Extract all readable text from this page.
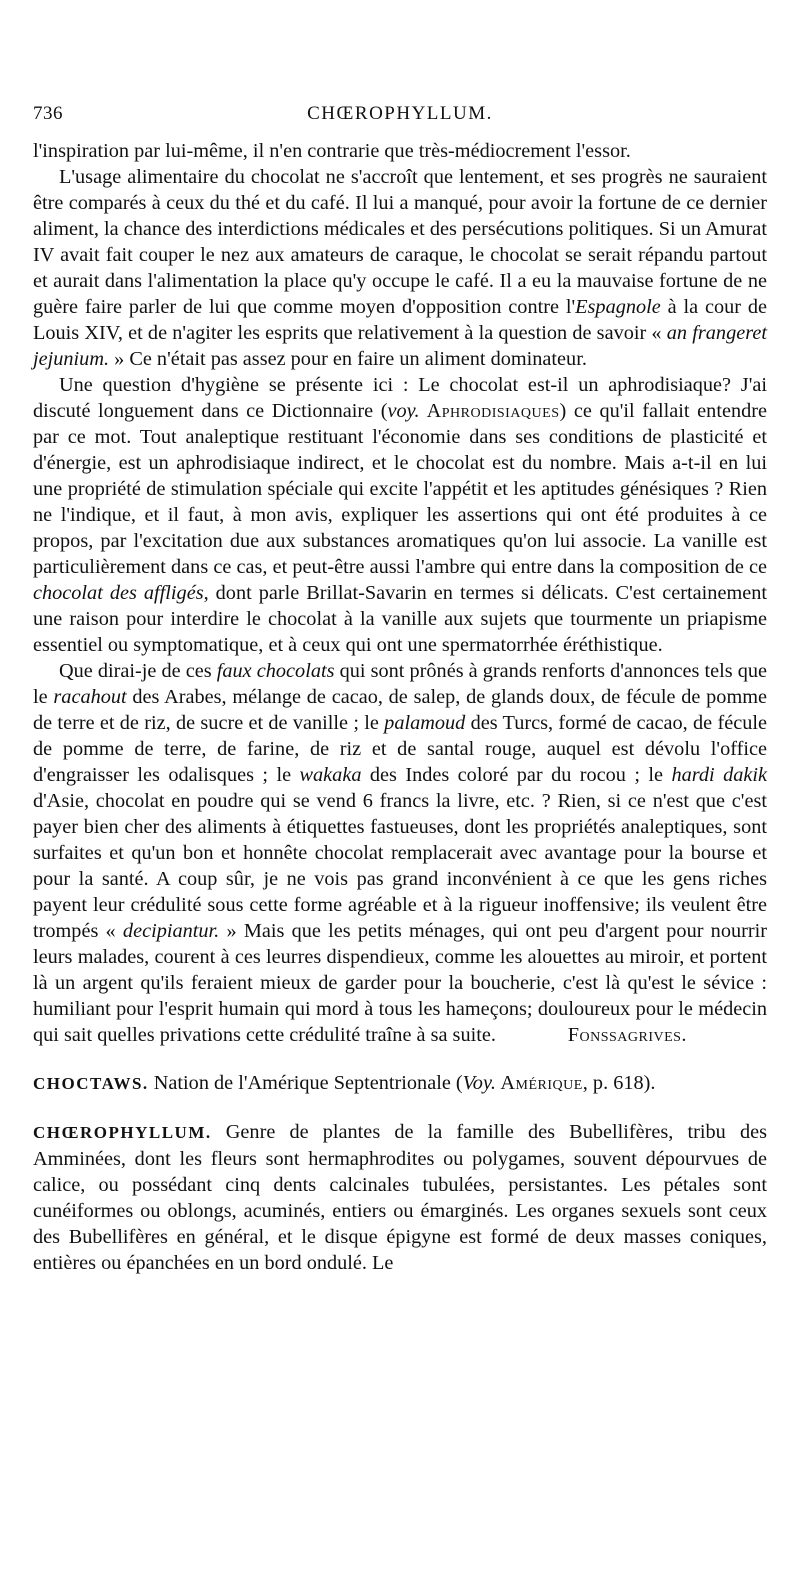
736	CHŒROPHYLLUM.

l'inspiration par lui-même, il n'en contrarie que très-médiocrement l'essor.

L'usage alimentaire du chocolat ne s'accroît que lentement, et ses progrès ne sauraient être comparés à ceux du thé et du café. Il lui a manqué, pour avoir la fortune de ce dernier aliment, la chance des interdictions médicales et des persécutions politiques. Si un Amurat IV avait fait couper le nez aux amateurs de caraque, le chocolat se serait répandu partout et aurait dans l'alimentation la place qu'y occupe le café. Il a eu la mauvaise fortune de ne guère faire parler de lui que comme moyen d'opposition contre l'Espagnole à la cour de Louis XIV, et de n'agiter les esprits que relativement à la question de savoir « an frangeret jejunium. » Ce n'était pas assez pour en faire un aliment dominateur.

Une question d'hygiène se présente ici : Le chocolat est-il un aphrodisiaque? J'ai discuté longuement dans ce Dictionnaire (voy. Aphrodisiaques) ce qu'il fallait entendre par ce mot. Tout analeptique restituant l'économie dans ses conditions de plasticité et d'énergie, est un aphrodisiaque indirect, et le chocolat est du nombre. Mais a-t-il en lui une propriété de stimulation spéciale qui excite l'appétit et les aptitudes génésiques ? Rien ne l'indique, et il faut, à mon avis, expliquer les assertions qui ont été produites à ce propos, par l'excitation due aux substances aromatiques qu'on lui associe. La vanille est particulièrement dans ce cas, et peut-être aussi l'ambre qui entre dans la composition de ce chocolat des affligés, dont parle Brillat-Savarin en termes si délicats. C'est certainement une raison pour interdire le chocolat à la vanille aux sujets que tourmente un priapisme essentiel ou symptomatique, et à ceux qui ont une spermatorrhée éréthistique.

Que dirai-je de ces faux chocolats qui sont prônés à grands renforts d'annonces tels que le racahout des Arabes, mélange de cacao, de salep, de glands doux, de fécule de pomme de terre et de riz, de sucre et de vanille ; le palamoud des Turcs, formé de cacao, de fécule de pomme de terre, de farine, de riz et de santal rouge, auquel est dévolu l'office d'engraisser les odalisques ; le wakaka des Indes coloré par du rocou ; le hardi dakik d'Asie, chocolat en poudre qui se vend 6 francs la livre, etc. ? Rien, si ce n'est que c'est payer bien cher des aliments à étiquettes fastueuses, dont les propriétés analeptiques, sont surfaites et qu'un bon et honnête chocolat remplacerait avec avantage pour la bourse et pour la santé. A coup sûr, je ne vois pas grand inconvénient à ce que les gens riches payent leur crédulité sous cette forme agréable et à la rigueur inoffensive; ils veulent être trompés « decipiantur. » Mais que les petits ménages, qui ont peu d'argent pour nourrir leurs malades, courent à ces leurres dispendieux, comme les alouettes au miroir, et portent là un argent qu'ils feraient mieux de garder pour la boucherie, c'est là qu'est le sévice : humiliant pour l'esprit humain qui mord à tous les hameçons; douloureux pour le médecin qui sait quelles privations cette crédulité traîne à sa suite.	Fonssagrives.

CHOCTAWS. Nation de l'Amérique Septentrionale (Voy. Amérique, p. 618).

CHŒROPHYLLUM. Genre de plantes de la famille des Bubellifères, tribu des Amminées, dont les fleurs sont hermaphrodites ou polygames, souvent dépourvues de calice, ou possédant cinq dents calcinales tubulées, persistantes. Les pétales sont cunéiformes ou oblongs, acuminés, entiers ou émarginés. Les organes sexuels sont ceux des Bubellifères en général, et le disque épigyne est formé de deux masses coniques, entières ou épanchées en un bord ondulé. Le
